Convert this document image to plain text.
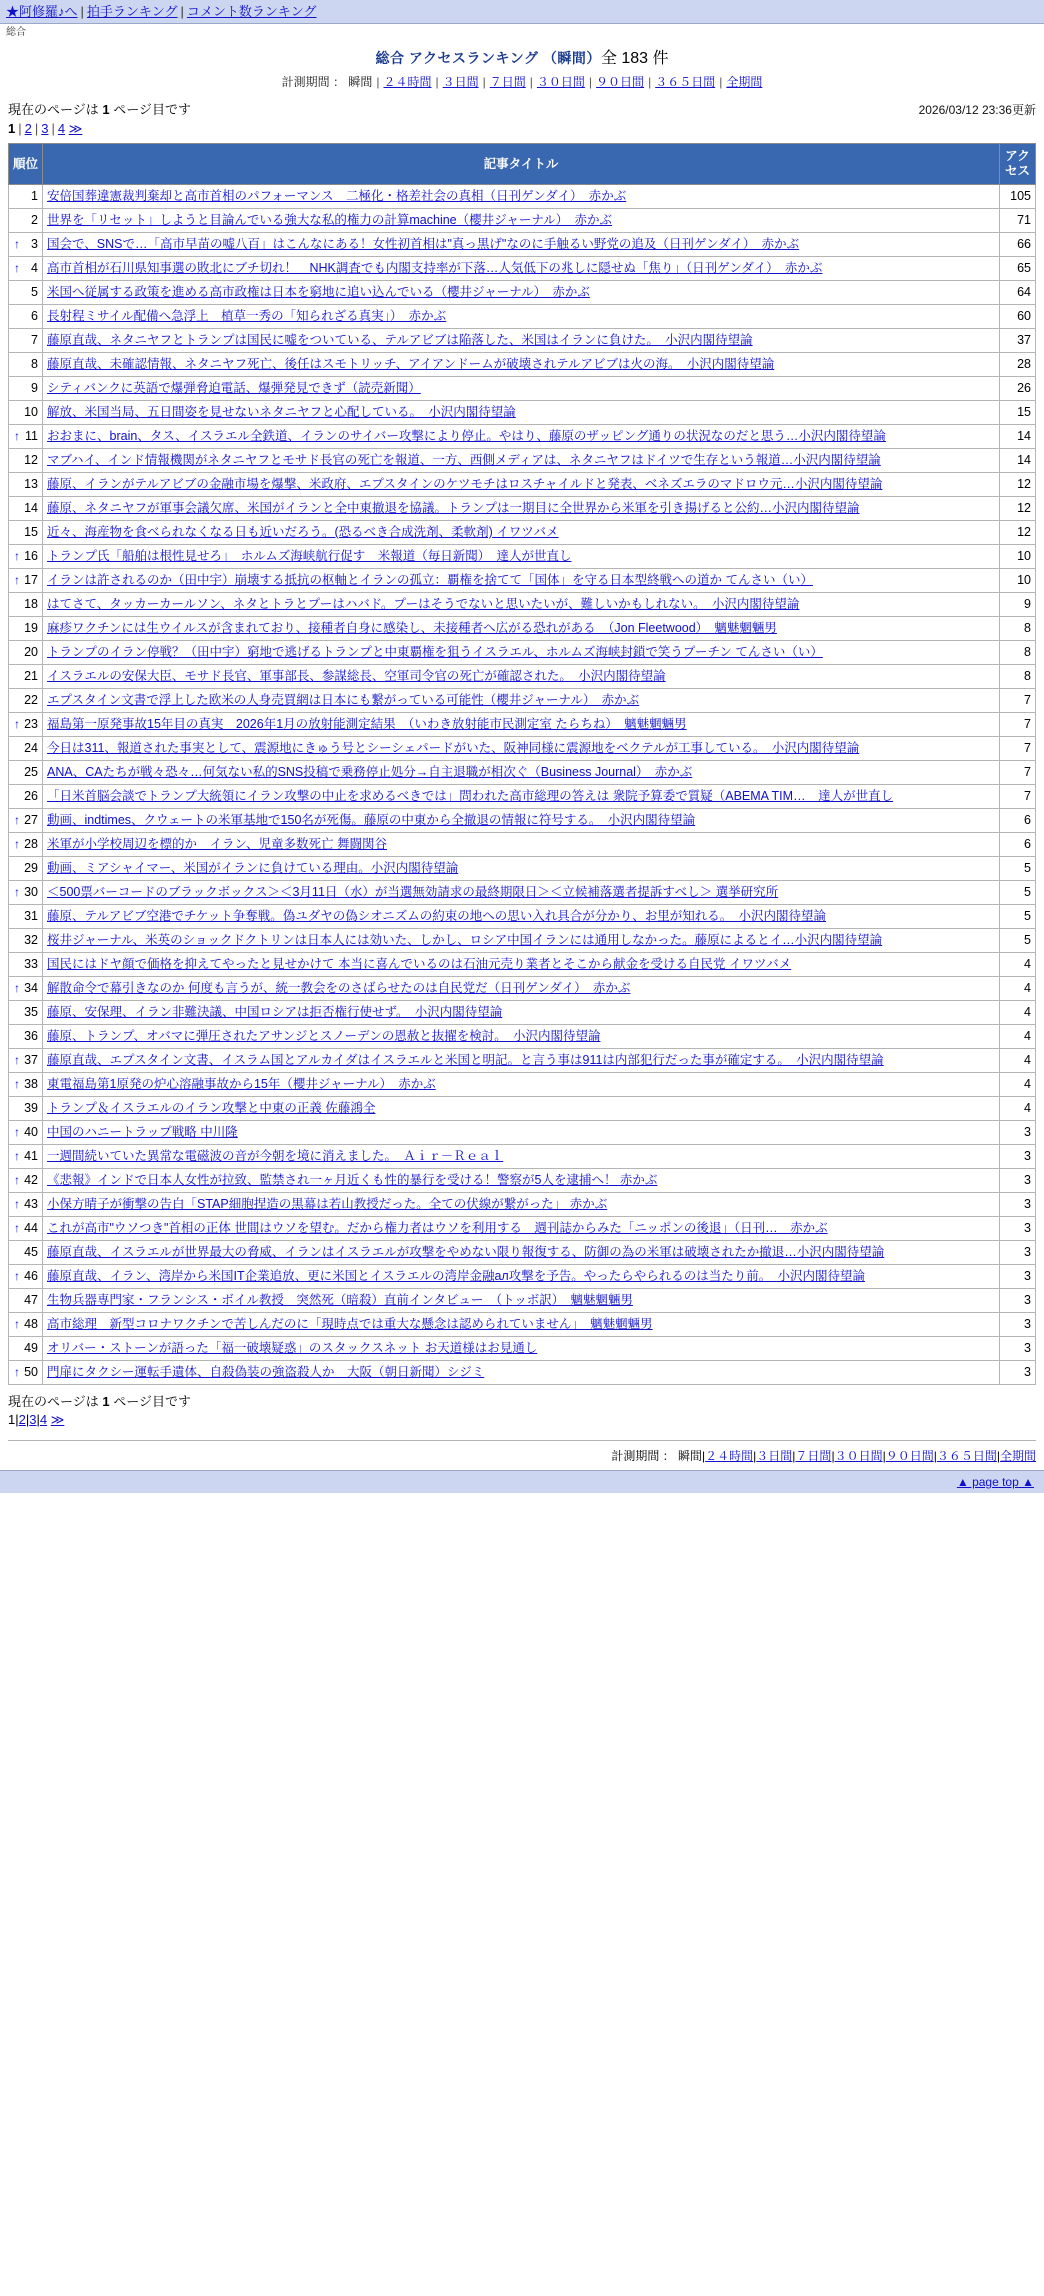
★阿修羅♪へ | 拍手ランキング | コメント数ランキング
総合
総合 アクセスランキング （瞬間）全 183 件
計測期間 ： 瞬間 | ２４時間 | ３日間 | ７日間 | ３０日間 | ９０日間 | ３６５日間 | 全期間
現在のページは 1 ページ目です	2026/03/12 23:36更新
1 | 2 | 3 | 4 ≫
順位	記事タイトル	アクセス

1	安倍国葬違憲裁判棄却と高市首相のパフォーマンス　二極化・格差社会の真相（日刊ゲンダイ）　赤かぶ	105

2	世界を「リセット」しようと目論んでいる強大な私的権力の計算machine（櫻井ジャーナル）　赤かぶ	71

↑ 3	国会で、SNSで…「高市早苗の嘘八百」はこんなにある！女性初首相は"真っ黒げ"なのに手触るい野党の追及（日刊ゲンダイ）　赤かぶ	66

↑ 4	高市首相が石川県知事選の敗北にブチ切れ！　NHK調査でも内閣支持率が下落…人気低下の兆しに隠せぬ「焦り」（日刊ゲンダイ）　赤かぶ	65

5	米国へ従属する政策を進める高市政権は日本を窮地に追い込んでいる（櫻井ジャーナル）　赤かぶ	64

6	長射程ミサイル配備へ急浮上　植草一秀の「知られざる真実」）　赤かぶ	60

7	藤原直哉、ネタニヤフとトランプは国民に嘘をついている、テルアビブは陥落した、米国はイランに負けた。　小沢内閣待望論	37

8	藤原直哉、未確認情報、ネタニヤフ死亡、後任はスモトリッチ、アイアンドームが破壊されテルアビブは火の海。　小沢内閣待望論	28

9	シティバンクに英語で爆弾脅迫電話、爆弾発見できず（読売新聞）	26

10	解放、米国当局、五日間姿を見せないネタニヤフと心配している。　小沢内閣待望論	15

↑ 11	おおまに、brain、タス、イスラエル全鉄道、イランのサイバー攻撃により停止。やはり、藤原のザッピング通りの状況なのだと思う…小沢内閣待望論	14

12	マブハイ、インド情報機関がネタニヤフとモサド長官の死亡を報道、一方、西側メディアは、ネタニヤフはドイツで生存という報道…小沢内閣待望論	14

13	藤原、イランがテルアビブの金融市場を爆撃、米政府、エプスタインのケツモチはロスチャイルドと発表、ベネズエラのマドロウ元…小沢内閣待望論	12

14	藤原、ネタニヤフが軍事会議欠席、米国がイランと全中東撤退を協議。トランプは一期目に全世界から米軍を引き揚げると公約…小沢内閣待望論	12

15	近々、海産物を食べられなくなる日も近いだろう。(恐るべき合成洗剤、柔軟剤) イワツバメ	12

↑ 16	トランプ氏「船舶は根性見せろ」　ホルムズ海峡航行促す　米報道（毎日新聞）　達人が世直し	10

↑ 17	イランは許されるのか（田中宇）崩壊する抵抗の枢軸とイランの孤立：覇権を捨てて「国体」を守る日本型終戦への道か てんさい（い）	10

18	はてさて、タッカーカールソン、ネタとトラとプーはハバド。プーはそうでないと思いたいが、難しいかもしれない。　小沢内閣待望論	9

19	麻疹ワクチンには生ウイルスが含まれており、接種者自身に感染し、未接種者へ広がる恐れがある　（Jon Fleetwood）　魑魅魍魎男	8

20	トランプのイラン停戦？（田中宇）窮地で逃げるトランプと中東覇権を狙うイスラエル、ホルムズ海峡封鎖で笑うプーチン てんさい（い）	8

21	イスラエルの安保大臣、モサド長官、軍事部長、参謀総長、空軍司令官の死亡が確認された。　小沢内閣待望論	8

22	エプスタイン文書で浮上した欧米の人身売買網は日本にも繋がっている可能性（櫻井ジャーナル）　赤かぶ	7

↑ 23	福島第一原発事故15年目の真実　2026年1月の放射能測定結果　（いわき放射能市民測定室 たらちね）　魑魅魍魎男	7

24	今日は311、報道された事実として、震源地にきゅう号とシーシェパードがいた、阪神同様に震源地をベクテルが工事している。　小沢内閣待望論	7

25	ANA、CAたちが戦々恐々…何気ない私的SNS投稿で乗務停止処分→自主退職が相次ぐ（Business Journal）　赤かぶ	7

26	「日米首脳会談でトランプ大統領にイラン攻撃の中止を求めるべきでは」問われた高市総理の答えは 衆院予算委で質疑（ABEMA TIM…　達人が世直し	7

↑ 27	動画、indtimes、クウェートの米軍基地で150名が死傷。藤原の中東から全撤退の情報に符号する。　小沢内閣待望論	6

↑ 28	米軍が小学校周辺を標的か　イラン、児童多数死亡 舞闘関谷	6

29	動画、ミアシャイマー、米国がイランに負けている理由。小沢内閣待望論	5

↑ 30	＜500票バーコードのブラックボックス＞＜3月11日（水）が当選無効請求の最終期限日＞＜立候補落選者提訴すべし＞ 選挙研究所	5

31	藤原、テルアビブ空港でチケット争奪戦。偽ユダヤの偽シオニズムの約束の地への思い入れ具合が分かり、お里が知れる。　小沢内閣待望論	5

32	桜井ジャーナル、米英のショックドクトリンは日本人には効いた、しかし、ロシア中国イランには通用しなかった。藤原によるとイ…小沢内閣待望論	5

33	国民にはドヤ顔で価格を抑えてやったと見せかけて 本当に喜んでいるのは石油元売り業者とそこから献金を受ける自民党 イワツバメ	4

↑ 34	解散命令で幕引きなのか 何度も言うが、統一教会をのさばらせたのは自民党だ（日刊ゲンダイ）　赤かぶ	4

35	藤原、安保理、イラン非難決議、中国ロシアは拒否権行使せず。　小沢内閣待望論	4

36	藤原、トランプ、オバマに弾圧されたアサンジとスノーデンの恩赦と抜擢を検討。　小沢内閣待望論	4

↑ 37	藤原直哉、エプスタイン文書、イスラム国とアルカイダはイスラエルと米国と明記。と言う事は911は内部犯行だった事が確定する。　小沢内閣待望論	4

↑ 38	東電福島第1原発の炉心溶融事故から15年（櫻井ジャーナル）　赤かぶ	4

39	トランプ＆イスラエルのイラン攻撃と中東の正義 佐藤鴻全	4

↑ 40	中国のハニートラップ戦略 中川隆	3

↑ 41	一週間続いていた異常な電磁波の音が今朝を境に消えました。　Ａｉｒ－Ｒｅａｌ	3

↑ 42	《悲報》インドで日本人女性が拉致、監禁され一ヶ月近くも性的暴行を受ける！警察が5人を逮捕へ！ 赤かぶ	3

↑ 43	小保方晴子が衝撃の告白「STAP細胞捏造の黒幕は若山教授だった。全ての伏線が繋がった」 赤かぶ	3

↑ 44	これが高市"ウソつき"首相の正体 世間はウソを望む。だから権力者はウソを利用する　週刊誌からみた「ニッポンの後退」（日刊…　赤かぶ	3

45	藤原直哉、イスラエルが世界最大の脅威、イランはイスラエルが攻撃をやめない限り報復する、防御の為の米軍は破壊されたか撤退…小沢内閣待望論	3

↑ 46	藤原直哉、イラン、湾岸から米国IT企業追放、更に米国とイスラエルの湾岸金融ал攻撃を予告。やったらやられるのは当たり前。　小沢内閣待望論	3

47	生物兵器専門家・フランシス・ボイル教授　突然死（暗殺）直前インタビュー　（トッボ訳）　魑魅魍魎男	3

↑ 48	高市総理　新型コロナワクチンで苦しんだのに「現時点では重大な懸念は認められていません」　魑魅魍魎男	3

49	オリバー・ストーンが語った「福一破壊疑惑」のスタックスネット お天道様はお見通し	3

↑ 50	門扉にタクシー運転手遺体、自殺偽装の強盗殺人か　大阪（朝日新聞）シジミ	3
現在のページは 1 ページ目です
1|2|3|4 ≫
計測期間 ： 瞬間|２４時間|３日間|７日間|３０日間|９０日間|３６５日間|全期間
▲ page top ▲
